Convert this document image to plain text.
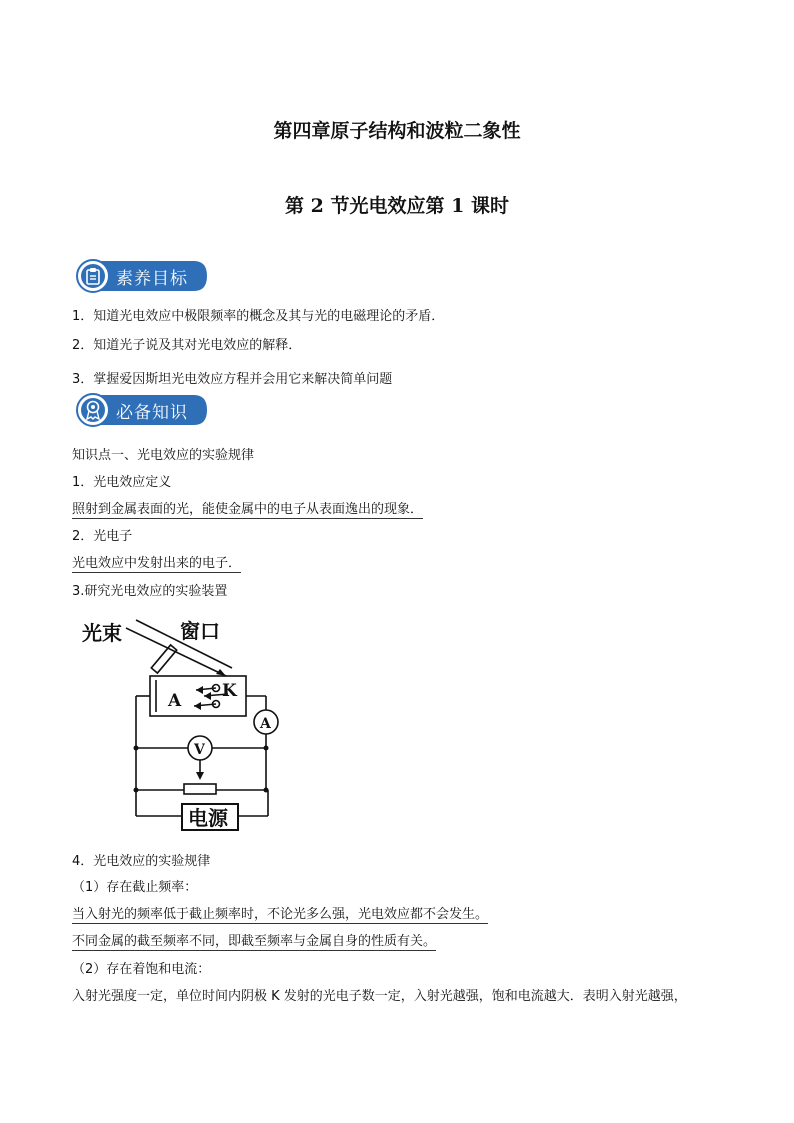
第四章原子结构和波粒二象性
第 2 节光电效应第 1 课时
素养目标
1．知道光电效应中极限频率的概念及其与光的电磁理论的矛盾．
2．知道光子说及其对光电效应的解释．
3．掌握爱因斯坦光电效应方程并会用它来解决简单问题
必备知识
知识点一、光电效应的实验规律
1．光电效应定义
照射到金属表面的光，能使金属中的电子从表面逸出的现象．
2．光电子
光电效应中发射出来的电子．
3.研究光电效应的实验装置
光束	窗口
A K
A
V
电源
4．光电效应的实验规律
（1）存在截止频率：
当入射光的频率低于截止频率时，不论光多么强，光电效应都不会发生。
不同金属的截至频率不同，即截至频率与金属自身的性质有关。
（2）存在着饱和电流：
入射光强度一定，单位时间内阴极 K 发射的光电子数一定，入射光越强，饱和电流越大．表明入射光越强，
